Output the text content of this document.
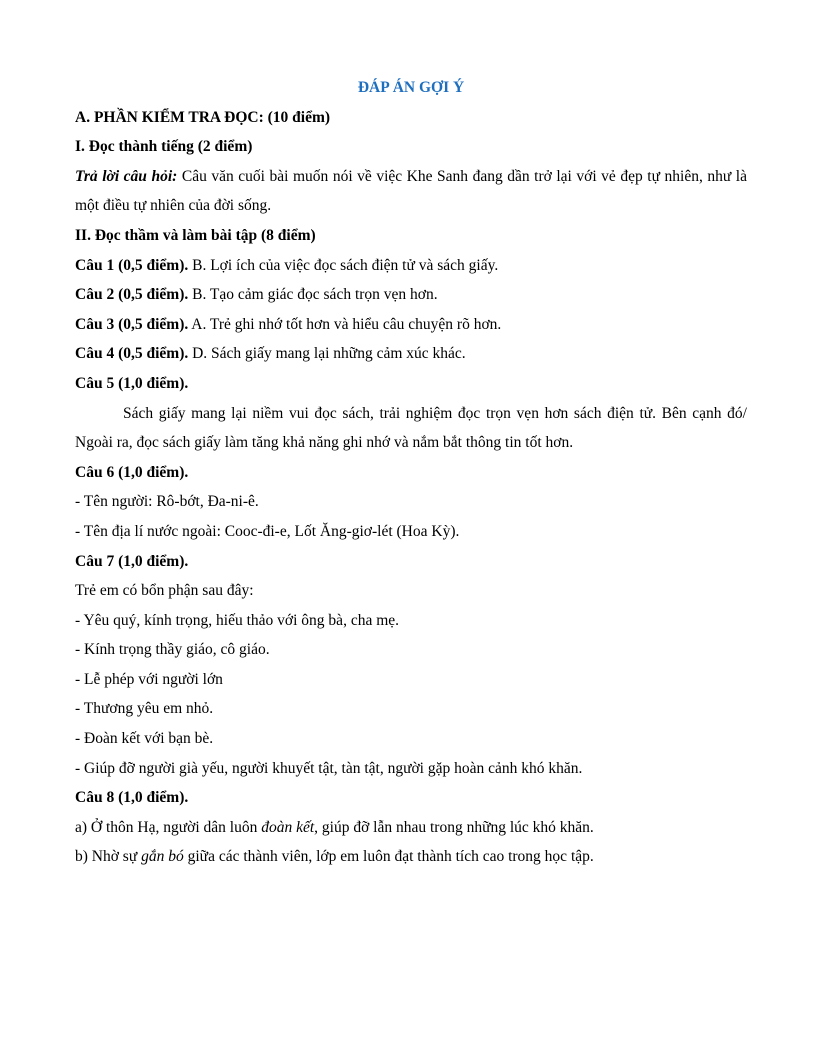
ĐÁP ÁN GỢI Ý

A. PHẦN KIỂM TRA ĐỌC: (10 điểm)

I. Đọc thành tiếng (2 điểm)

Trả lời câu hỏi: Câu văn cuối bài muốn nói về việc Khe Sanh đang dần trở lại với vẻ đẹp tự nhiên, như là một điều tự nhiên của đời sống.

II. Đọc thầm và làm bài tập (8 điểm)

Câu 1 (0,5 điểm). B. Lợi ích của việc đọc sách điện tử và sách giấy.

Câu 2 (0,5 điểm). B. Tạo cảm giác đọc sách trọn vẹn hơn.

Câu 3 (0,5 điểm). A. Trẻ ghi nhớ tốt hơn và hiểu câu chuyện rõ hơn.

Câu 4 (0,5 điểm). D. Sách giấy mang lại những cảm xúc khác.

Câu 5 (1,0 điểm).

Sách giấy mang lại niềm vui đọc sách, trải nghiệm đọc trọn vẹn hơn sách điện tử. Bên cạnh đó/ Ngoài ra, đọc sách giấy làm tăng khả năng ghi nhớ và nắm bắt thông tin tốt hơn.

Câu 6 (1,0 điểm).

- Tên người: Rô-bớt, Đa-ni-ê.

- Tên địa lí nước ngoài: Cooc-đi-e, Lốt Ăng-giơ-lét (Hoa Kỳ).

Câu 7 (1,0 điểm).

Trẻ em có bổn phận sau đây:

- Yêu quý, kính trọng, hiếu thảo với ông bà, cha mẹ.

- Kính trọng thầy giáo, cô giáo.

- Lễ phép với người lớn

- Thương yêu em nhỏ.

- Đoàn kết với bạn bè.

- Giúp đỡ người già yếu, người khuyết tật, tàn tật, người gặp hoàn cảnh khó khăn.

Câu 8 (1,0 điểm).

a) Ở thôn Hạ, người dân luôn đoàn kết, giúp đỡ lẫn nhau trong những lúc khó khăn.

b) Nhờ sự gắn bó giữa các thành viên, lớp em luôn đạt thành tích cao trong học tập.
